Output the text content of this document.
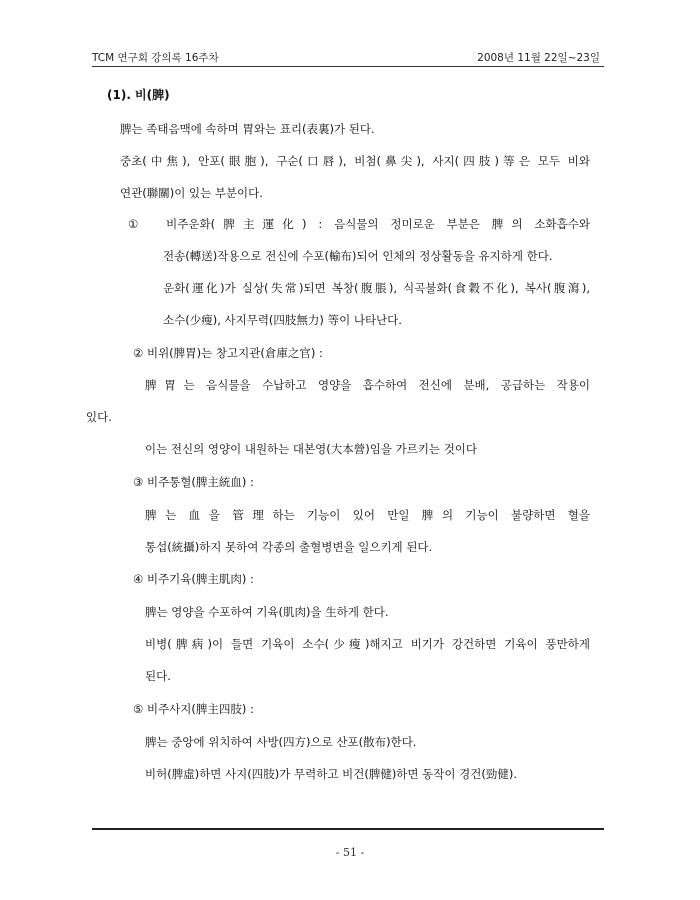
TCM 연구회 강의록 16주차	2008년 11월 22일~23일
(1). 비(脾)
脾는 족태음맥에 속하며 胃와는 표리(表裏)가 된다.
중초(中焦), 안포(眼胞), 구순(口唇), 비첨(鼻尖), 사지(四肢)等은 모두 비와
연관(聯關)이 있는 부분이다.
①　비주운화(脾主運化) : 음식물의 정미로운 부분은 脾의 소화흡수와
전송(轉送)작용으로 전신에 수포(輸布)되어 인체의 정상활동을 유지하게 한다.
운화(運化)가 실상(失常)되면 복창(腹脹), 식곡불화(食穀不化), 복사(腹瀉),
소수(少瘦), 사지무력(四肢無力) 等이 나타난다.
② 비위(脾胃)는 창고지관(倉庫之官) :
脾胃는 음식물을 수납하고 영양을 흡수하여 전신에 분배, 공급하는 작용이
있다.
이는 전신의 영양이 내원하는 대본영(大本營)임을 가르키는 것이다
③ 비주통혈(脾主統血) :
脾는 血을 管理하는 기능이 있어 만일 脾의 기능이 불량하면 혈을
통섭(統攝)하지 못하여 각종의 출혈병변을 일으키게 된다.
④ 비주기육(脾主肌肉) :
脾는 영양을 수포하여 기육(肌肉)을 生하게 한다.
비병(脾病)이 들면 기육이 소수(少瘦)해지고 비기가 강건하면 기육이 풍만하게
된다.
⑤ 비주사지(脾主四肢) :
脾는 중앙에 위치하여 사방(四方)으로 산포(散布)한다.
비허(脾虛)하면 사지(四肢)가 무력하고 비건(脾健)하면 동작이 경건(勁健).
- 51 -
